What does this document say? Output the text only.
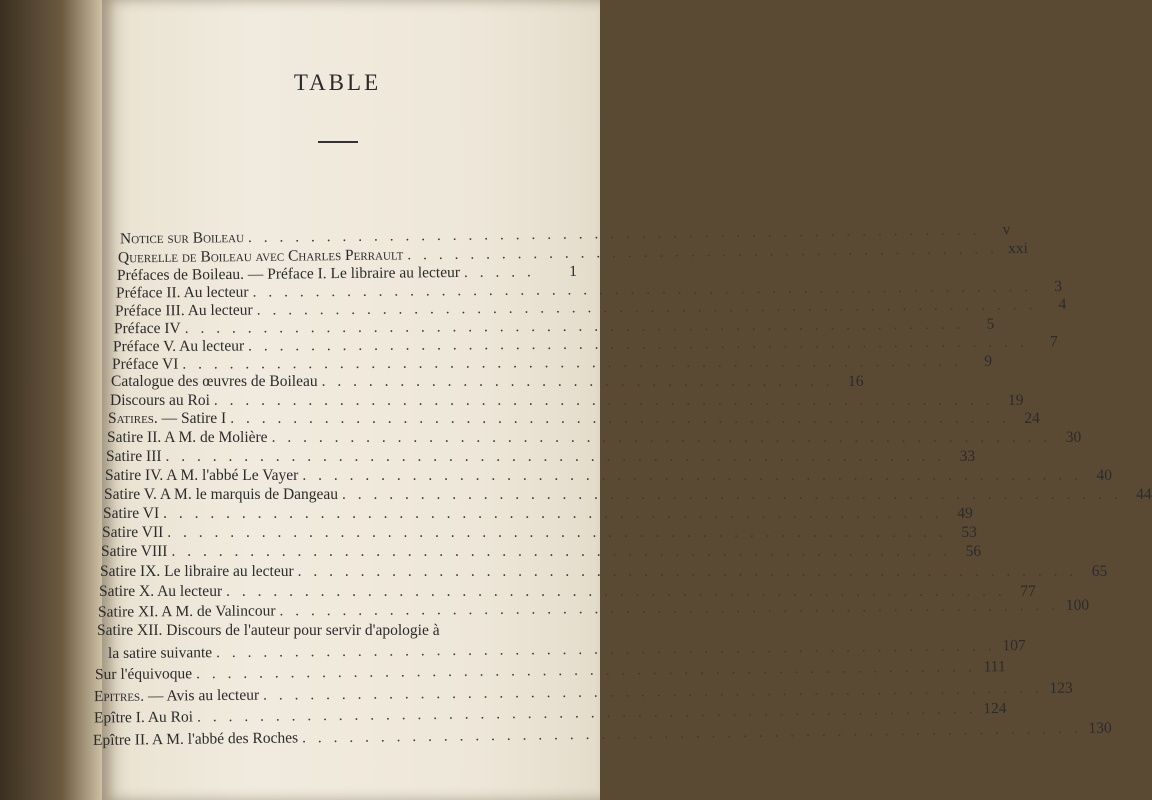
TABLE
Notice sur Boileau . . . . . . . . . . . . . . . . . . . . . . . . . . . . . . . . . . . . . . . . . . . . . . .	v
Querelle de Boileau avec Charles Perrault . . . . . . . . . . . . . . . . . . . . . . . . . . . . . . . . . . . . . . xxi
Préfaces de Boileau. — Préface I. Le libraire au lecteur . . . . .	1
Préface II. Au lecteur . . . . . . . . . . . . . . . . . . . . . . . . . . . . . . . . . . . . . . . . . . . . . . . . . .	3
Préface III. Au lecteur . . . . . . . . . . . . . . . . . . . . . . . . . . . . . . . . . . . . . . . . . . . . . . . . . .	4
Préface IV . . . . . . . . . . . . . . . . . . . . . . . . . . . . . . . . . . . . . . . . . . . . . . . . . .	5
Préface V. Au lecteur . . . . . . . . . . . . . . . . . . . . . . . . . . . . . . . . . . . . . . . . . . . . . . . . . .	7
Préface VI . . . . . . . . . . . . . . . . . . . . . . . . . . . . . . . . . . . . . . . . . . . . . . . . . .	9
Catalogue des œuvres de Boileau . . . . . . . . . . . . . . . . . . . . . . . . . . . . . . . . . 16
Discours au Roi . . . . . . . . . . . . . . . . . . . . . . . . . . . . . . . . . . . . . . . . . . . . . . . . . . 19
Satires. — Satire I . . . . . . . . . . . . . . . . . . . . . . . . . . . . . . . . . . . . . . . . . . . . . . . . . . 24
Satire II. A M. de Molière . . . . . . . . . . . . . . . . . . . . . . . . . . . . . . . . . . . . . . . . . . . . . . . . . . 30
Satire III . . . . . . . . . . . . . . . . . . . . . . . . . . . . . . . . . . . . . . . . . . . . . . . . . . 33
Satire IV. A M. l'abbé Le Vayer . . . . . . . . . . . . . . . . . . . . . . . . . . . . . . . . . . . . . . . . . . . . . . . . . . 40
Satire V. A M. le marquis de Dangeau . . . . . . . . . . . . . . . . . . . . . . . . . . . . . . . . . . . . . . . . . . . . . . . . . . 44
Satire VI . . . . . . . . . . . . . . . . . . . . . . . . . . . . . . . . . . . . . . . . . . . . . . . . . . 49
Satire VII . . . . . . . . . . . . . . . . . . . . . . . . . . . . . . . . . . . . . . . . . . . . . . . . . . 53
Satire VIII . . . . . . . . . . . . . . . . . . . . . . . . . . . . . . . . . . . . . . . . . . . . . . . . . . 56
Satire IX. Le libraire au lecteur . . . . . . . . . . . . . . . . . . . . . . . . . . . . . . . . . . . . . . . . . . . . . . . . . . 65
Satire X. Au lecteur . . . . . . . . . . . . . . . . . . . . . . . . . . . . . . . . . . . . . . . . . . . . . . . . . . 77
Satire XI. A M. de Valincour . . . . . . . . . . . . . . . . . . . . . . . . . . . . . . . . . . . . . . . . . . . . . . . . . . 100
Satire XII. Discours de l'auteur pour servir d'apologie à
la satire suivante . . . . . . . . . . . . . . . . . . . . . . . . . . . . . . . . . . . . . . . . . . . . . . . . . . 107
Sur l'équivoque . . . . . . . . . . . . . . . . . . . . . . . . . . . . . . . . . . . . . . . . . . . . . . . . . . 111
Epitres. — Avis au lecteur . . . . . . . . . . . . . . . . . . . . . . . . . . . . . . . . . . . . . . . . . . . . . . . . . . 123
Epître I. Au Roi . . . . . . . . . . . . . . . . . . . . . . . . . . . . . . . . . . . . . . . . . . . . . . . . . . 124
Epître II. A M. l'abbé des Roches . . . . . . . . . . . . . . . . . . . . . . . . . . . . . . . . . . . . . . . . . . . . . . . . . . 130
